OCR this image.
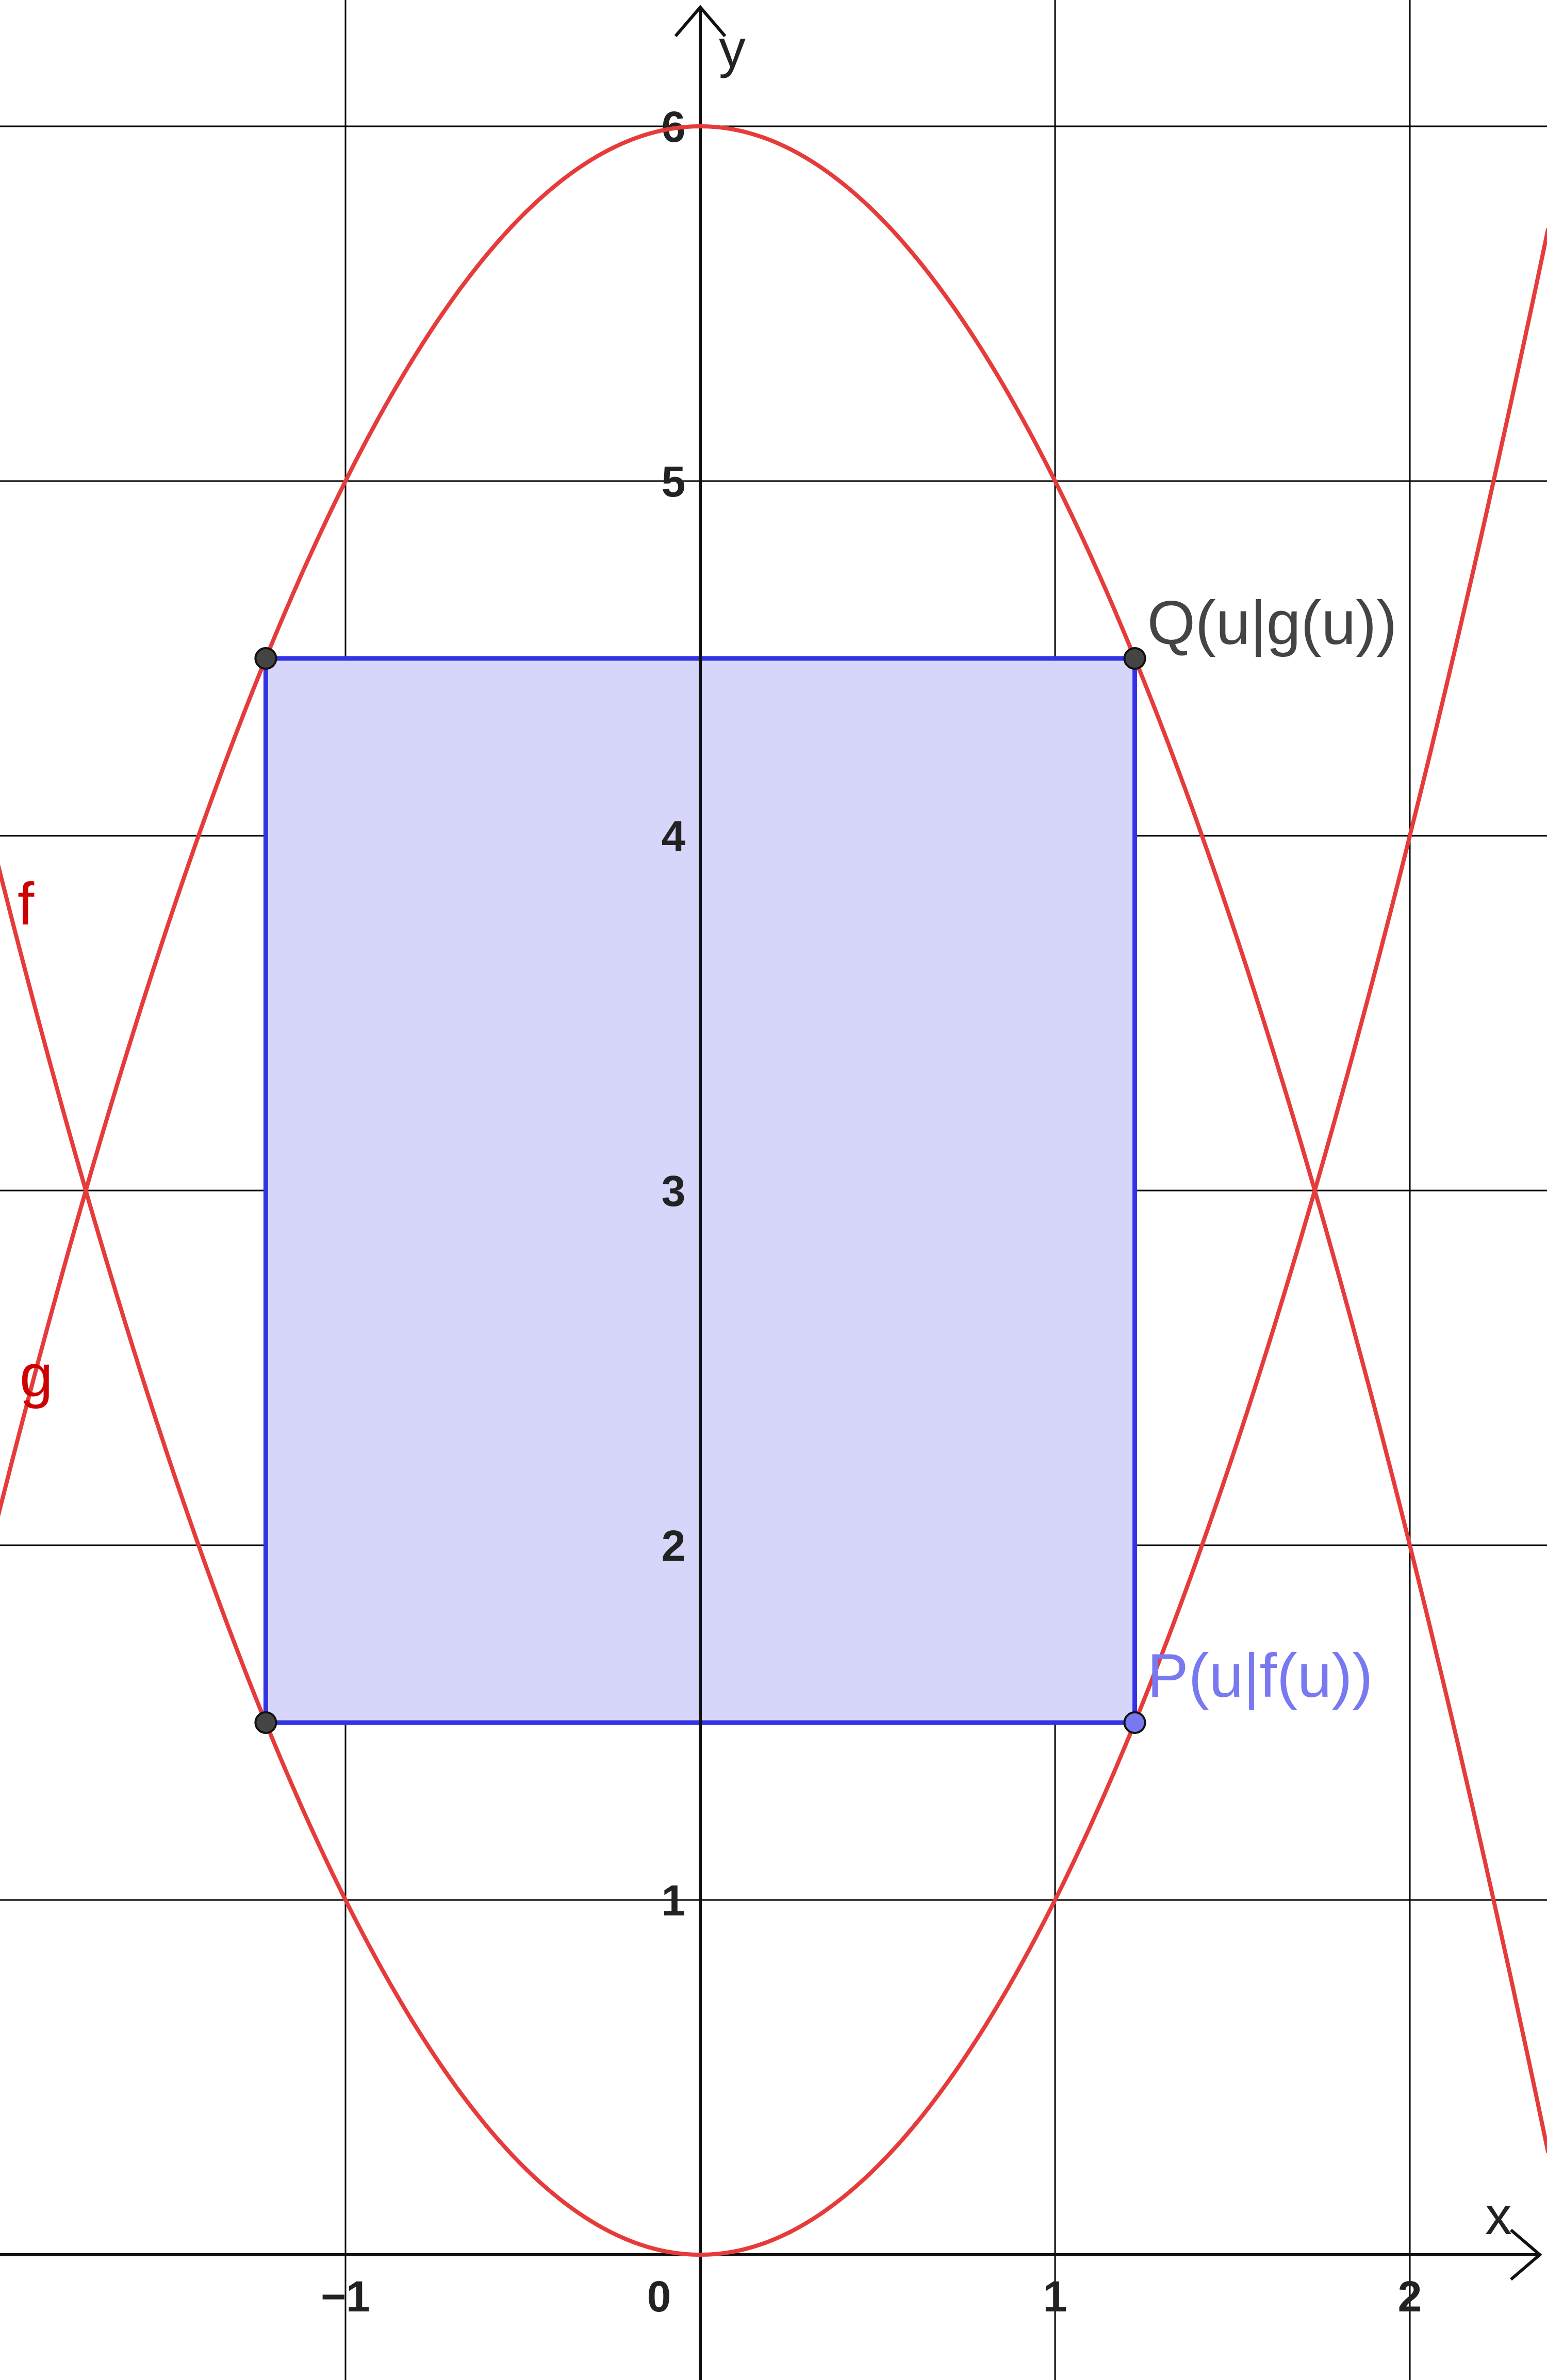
x
y
−1	0	1	2
1
2
3
4
5
6
f
g
Q(u|g(u))
P(u|f(u))
